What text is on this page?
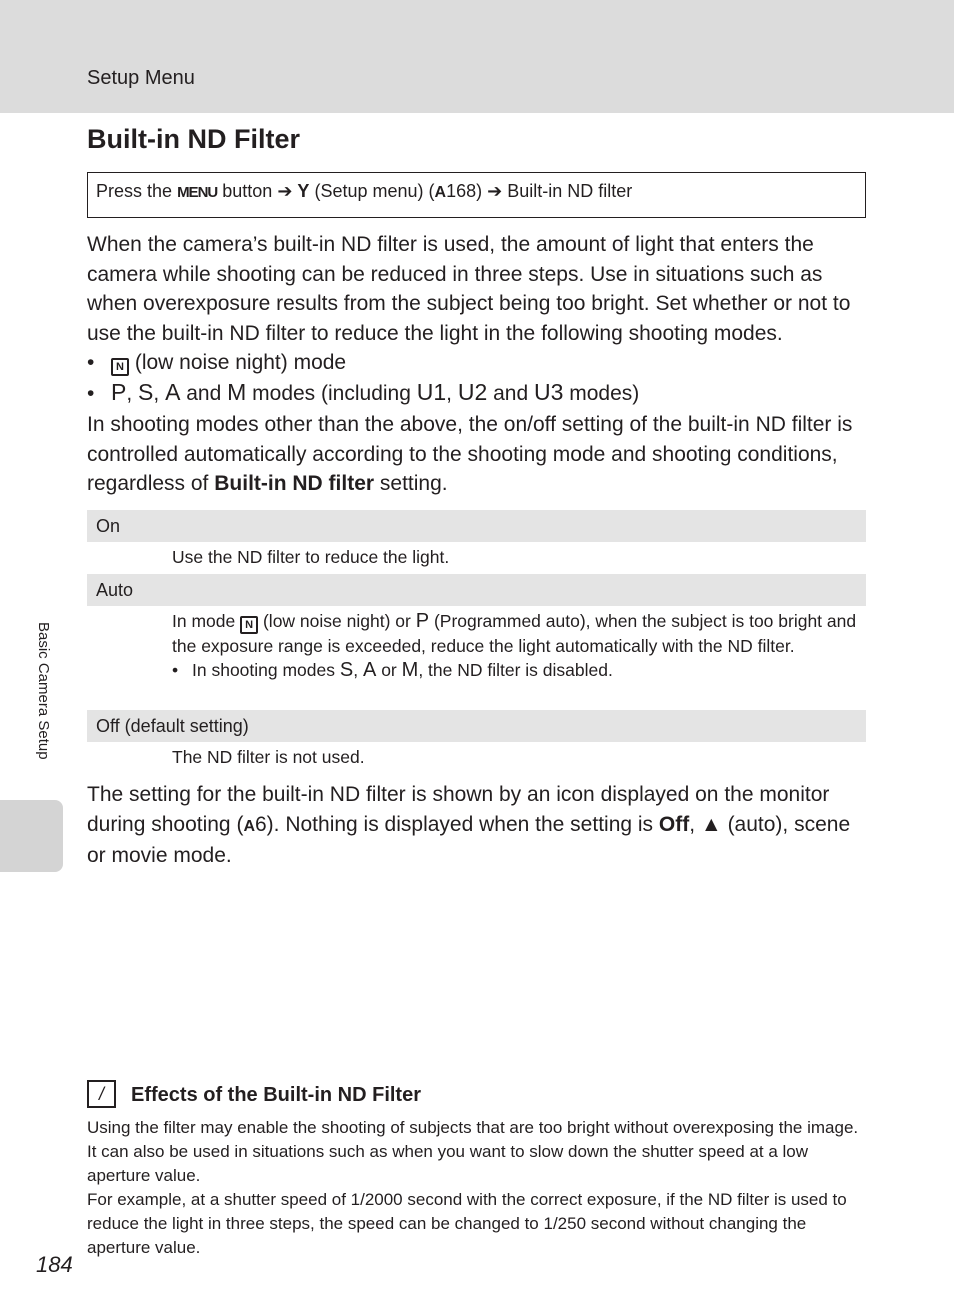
Setup Menu
Built-in ND Filter
Press the MENU button ➔ Y (Setup menu) (A168) ➔ Built-in ND filter

When the camera’s built-in ND filter is used, the amount of light that enters the camera while shooting can be reduced in three steps. Use in situations such as when overexposure results from the subject being too bright. Set whether or not to use the built-in ND filter to reduce the light in the following shooting modes.

• N (low noise night) mode
• P, S, A and M modes (including U1, U2 and U3 modes)

In shooting modes other than the above, the on/off setting of the built-in ND filter is controlled automatically according to the shooting mode and shooting conditions, regardless of Built-in ND filter setting.

On
Use the ND filter to reduce the light.
Auto
In mode N (low noise night) or P (Programmed auto), when the subject is too bright and the exposure range is exceeded, reduce the light automatically with the ND filter.
• In shooting modes S, A or M, the ND filter is disabled.
Off (default setting)
The ND filter is not used.

The setting for the built-in ND filter is shown by an icon displayed on the monitor during shooting (A6). Nothing is displayed when the setting is Off, ▲ (auto), scene or movie mode.

Basic Camera Setup
/	Effects of the Built-in ND Filter

Using the filter may enable the shooting of subjects that are too bright without overexposing the image. It can also be used in situations such as when you want to slow down the shutter speed at a low aperture value.

For example, at a shutter speed of 1/2000 second with the correct exposure, if the ND filter is used to reduce the light in three steps, the speed can be changed to 1/250 second without changing the aperture value.

184
